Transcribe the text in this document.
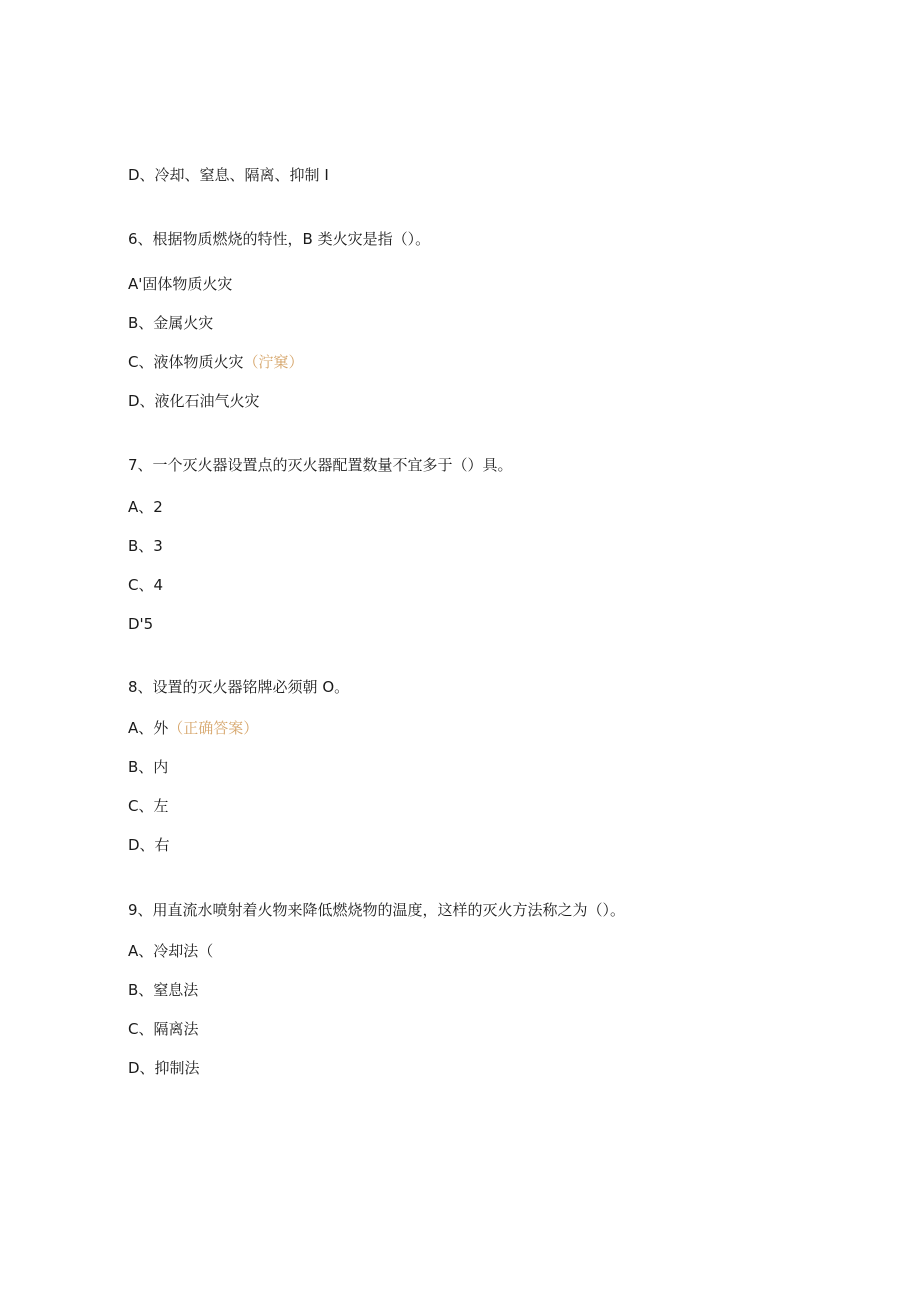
D、冷却、窒息、隔离、抑制 I
6、根据物质燃烧的特性，B 类火灾是指（）。
A'固体物质火灾
B、金属火灾
C、液体物质火灾（泞窠）
D、液化石油气火灾
7、一个灭火器设置点的灭火器配置数量不宜多于（）具。
A、2
B、3
C、4
D'5
8、设置的灭火器铭牌必须朝 O。
A、外（正确答案）
B、内
C、左
D、右
9、用直流水喷射着火物来降低燃烧物的温度，这样的灭火方法称之为（）。
A、冷却法（
B、窒息法
C、隔离法
D、抑制法
